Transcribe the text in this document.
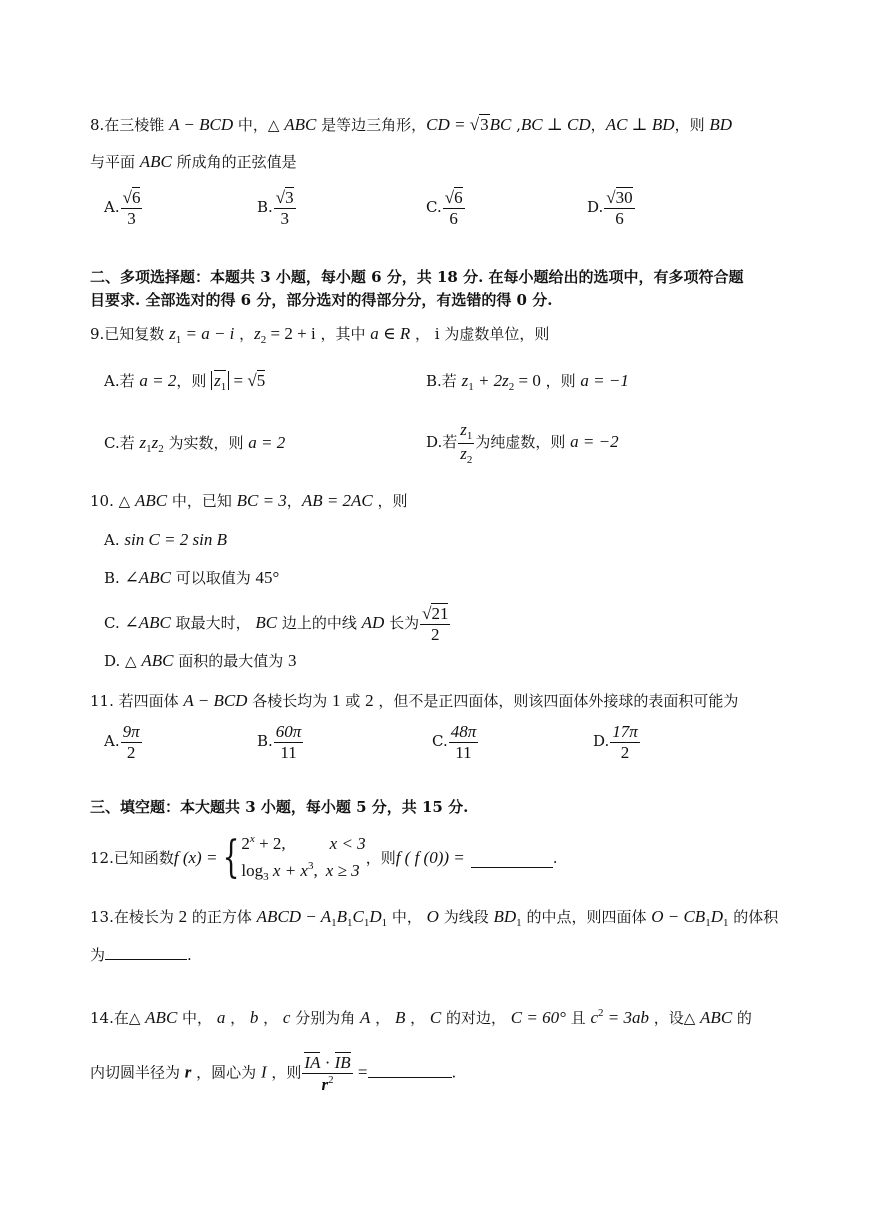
8.在三棱锥 A − BCD 中，△ ABC 是等边三角形，CD = √3BC ,BC ⊥ CD，AC ⊥ BD，则 BD
与平面 ABC 所成角的正弦值是
A. $\frac{√6}{3}$	B. $\frac{√3}{3}$	C. $\frac{√6}{6}$	D. $\frac{√30}{6}$
二、多项选择题：本题共 3 小题，每小题 6 分，共 18 分. 在每小题给出的选项中，有多项符合题
目要求. 全部选对的得 6 分，部分选对的得部分分，有选错的得 0 分.
9.已知复数 $z_1 = a - i$ ，$z_2 = 2 + i$ ，其中 a ∈ R ， i 为虚数单位，则
A.若 a = 2，则 $z_1 = √5$	B.若 $z_1 + 2z_2 = 0$ ，则 a = −1
C.若 $z_1z_2$ 为实数，则 a = 2	D.若 $\frac{z_1}{z_2}$ 为纯虚数，则 a = −2
10. △ ABC 中，已知 BC = 3，AB = 2AC ，则
A. sin C = 2 sin B
B. ∠ABC 可以取值为 45°
C. ∠ABC 取最大时， BC 边上的中线 AD 长为 $\frac{√21}{2}$
D. △ ABC 面积的最大值为 3
11. 若四面体 A − BCD 各棱长均为 1 或 2 ，但不是正四面体，则该四面体外接球的表面积可能为
A. $\frac{9\pi}{2}$	B. $\frac{60\pi}{11}$	C. $\frac{48\pi}{11}$	D. $\frac{17\pi}{2}$
三、填空题：本大题共 3 小题，每小题 5 分，共 15 分.
12.已知函数 f (x) = { $2^x + 2$,	x < 3
$\log_3 x + x^3$, x ≥ 3
，则 f ( f (0)) =	.
13.在棱长为 2 的正方体 ABCD − $A_1B_1C_1D_1$ 中， O 为线段 $BD_1$ 的中点，则四面体 $O - CB_1D_1$ 的体积
为	.
14.在△ ABC 中， a ， b ， c 分别为角 A ， B ， C 的对边， C = 60° 且 $c^2 = 3ab$ ，设△ ABC 的
内切圆半径为 r ，圆心为 I ，则 $\frac{IA \cdot IB}{r^2}$ =	.
